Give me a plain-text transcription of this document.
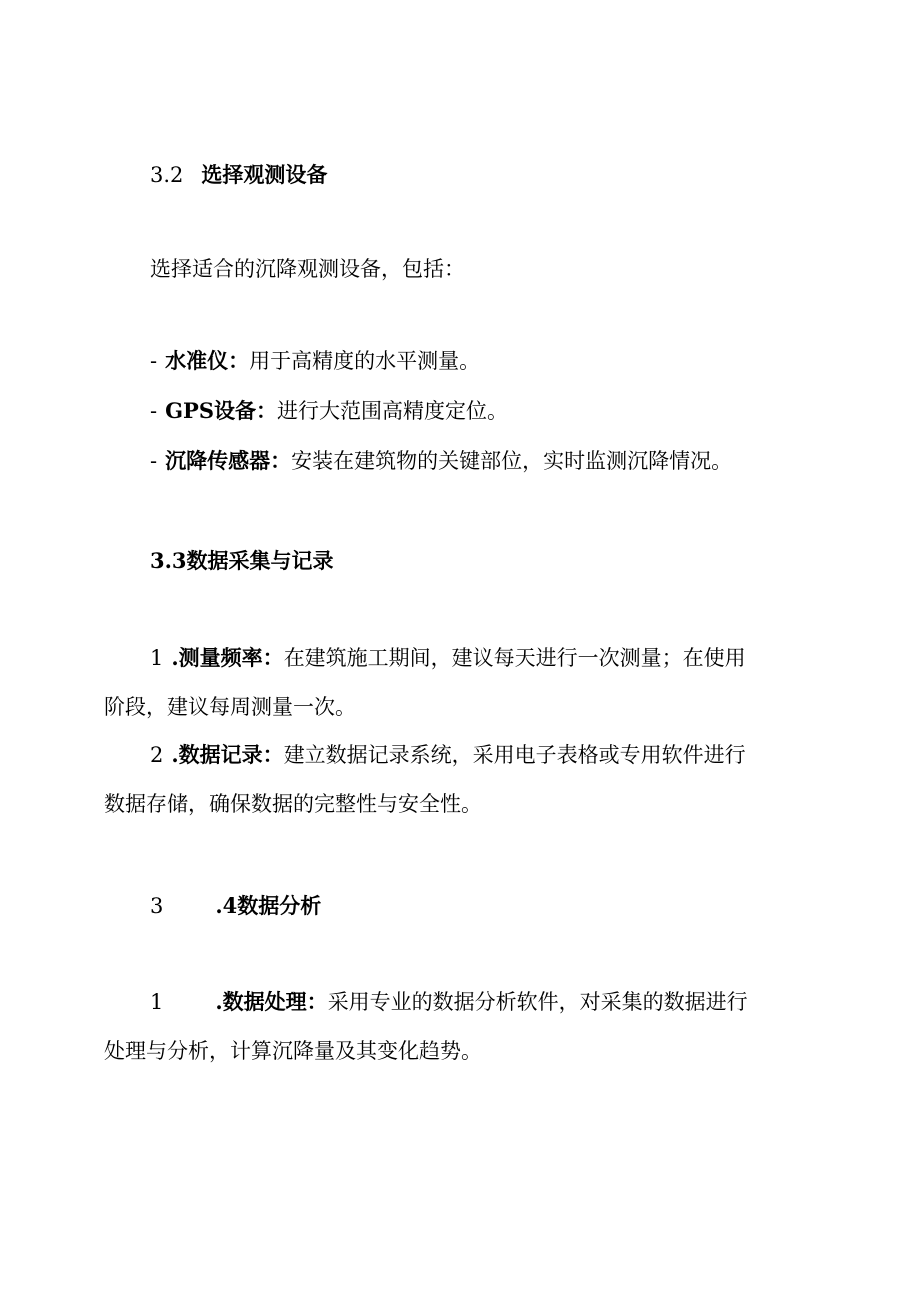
3.2 选择观测设备
选择适合的沉降观测设备，包括：
- 水准仪：用于高精度的水平测量。
- GPS设备：进行大范围高精度定位。
- 沉降传感器：安装在建筑物的关键部位，实时监测沉降情况。
3.3数据采集与记录
1 .测量频率：在建筑施工期间，建议每天进行一次测量；在使用
阶段，建议每周测量一次。
2 .数据记录：建立数据记录系统，采用电子表格或专用软件进行
数据存储，确保数据的完整性与安全性。
3 .4数据分析
1 .数据处理：采用专业的数据分析软件，对采集的数据进行
处理与分析，计算沉降量及其变化趋势。
